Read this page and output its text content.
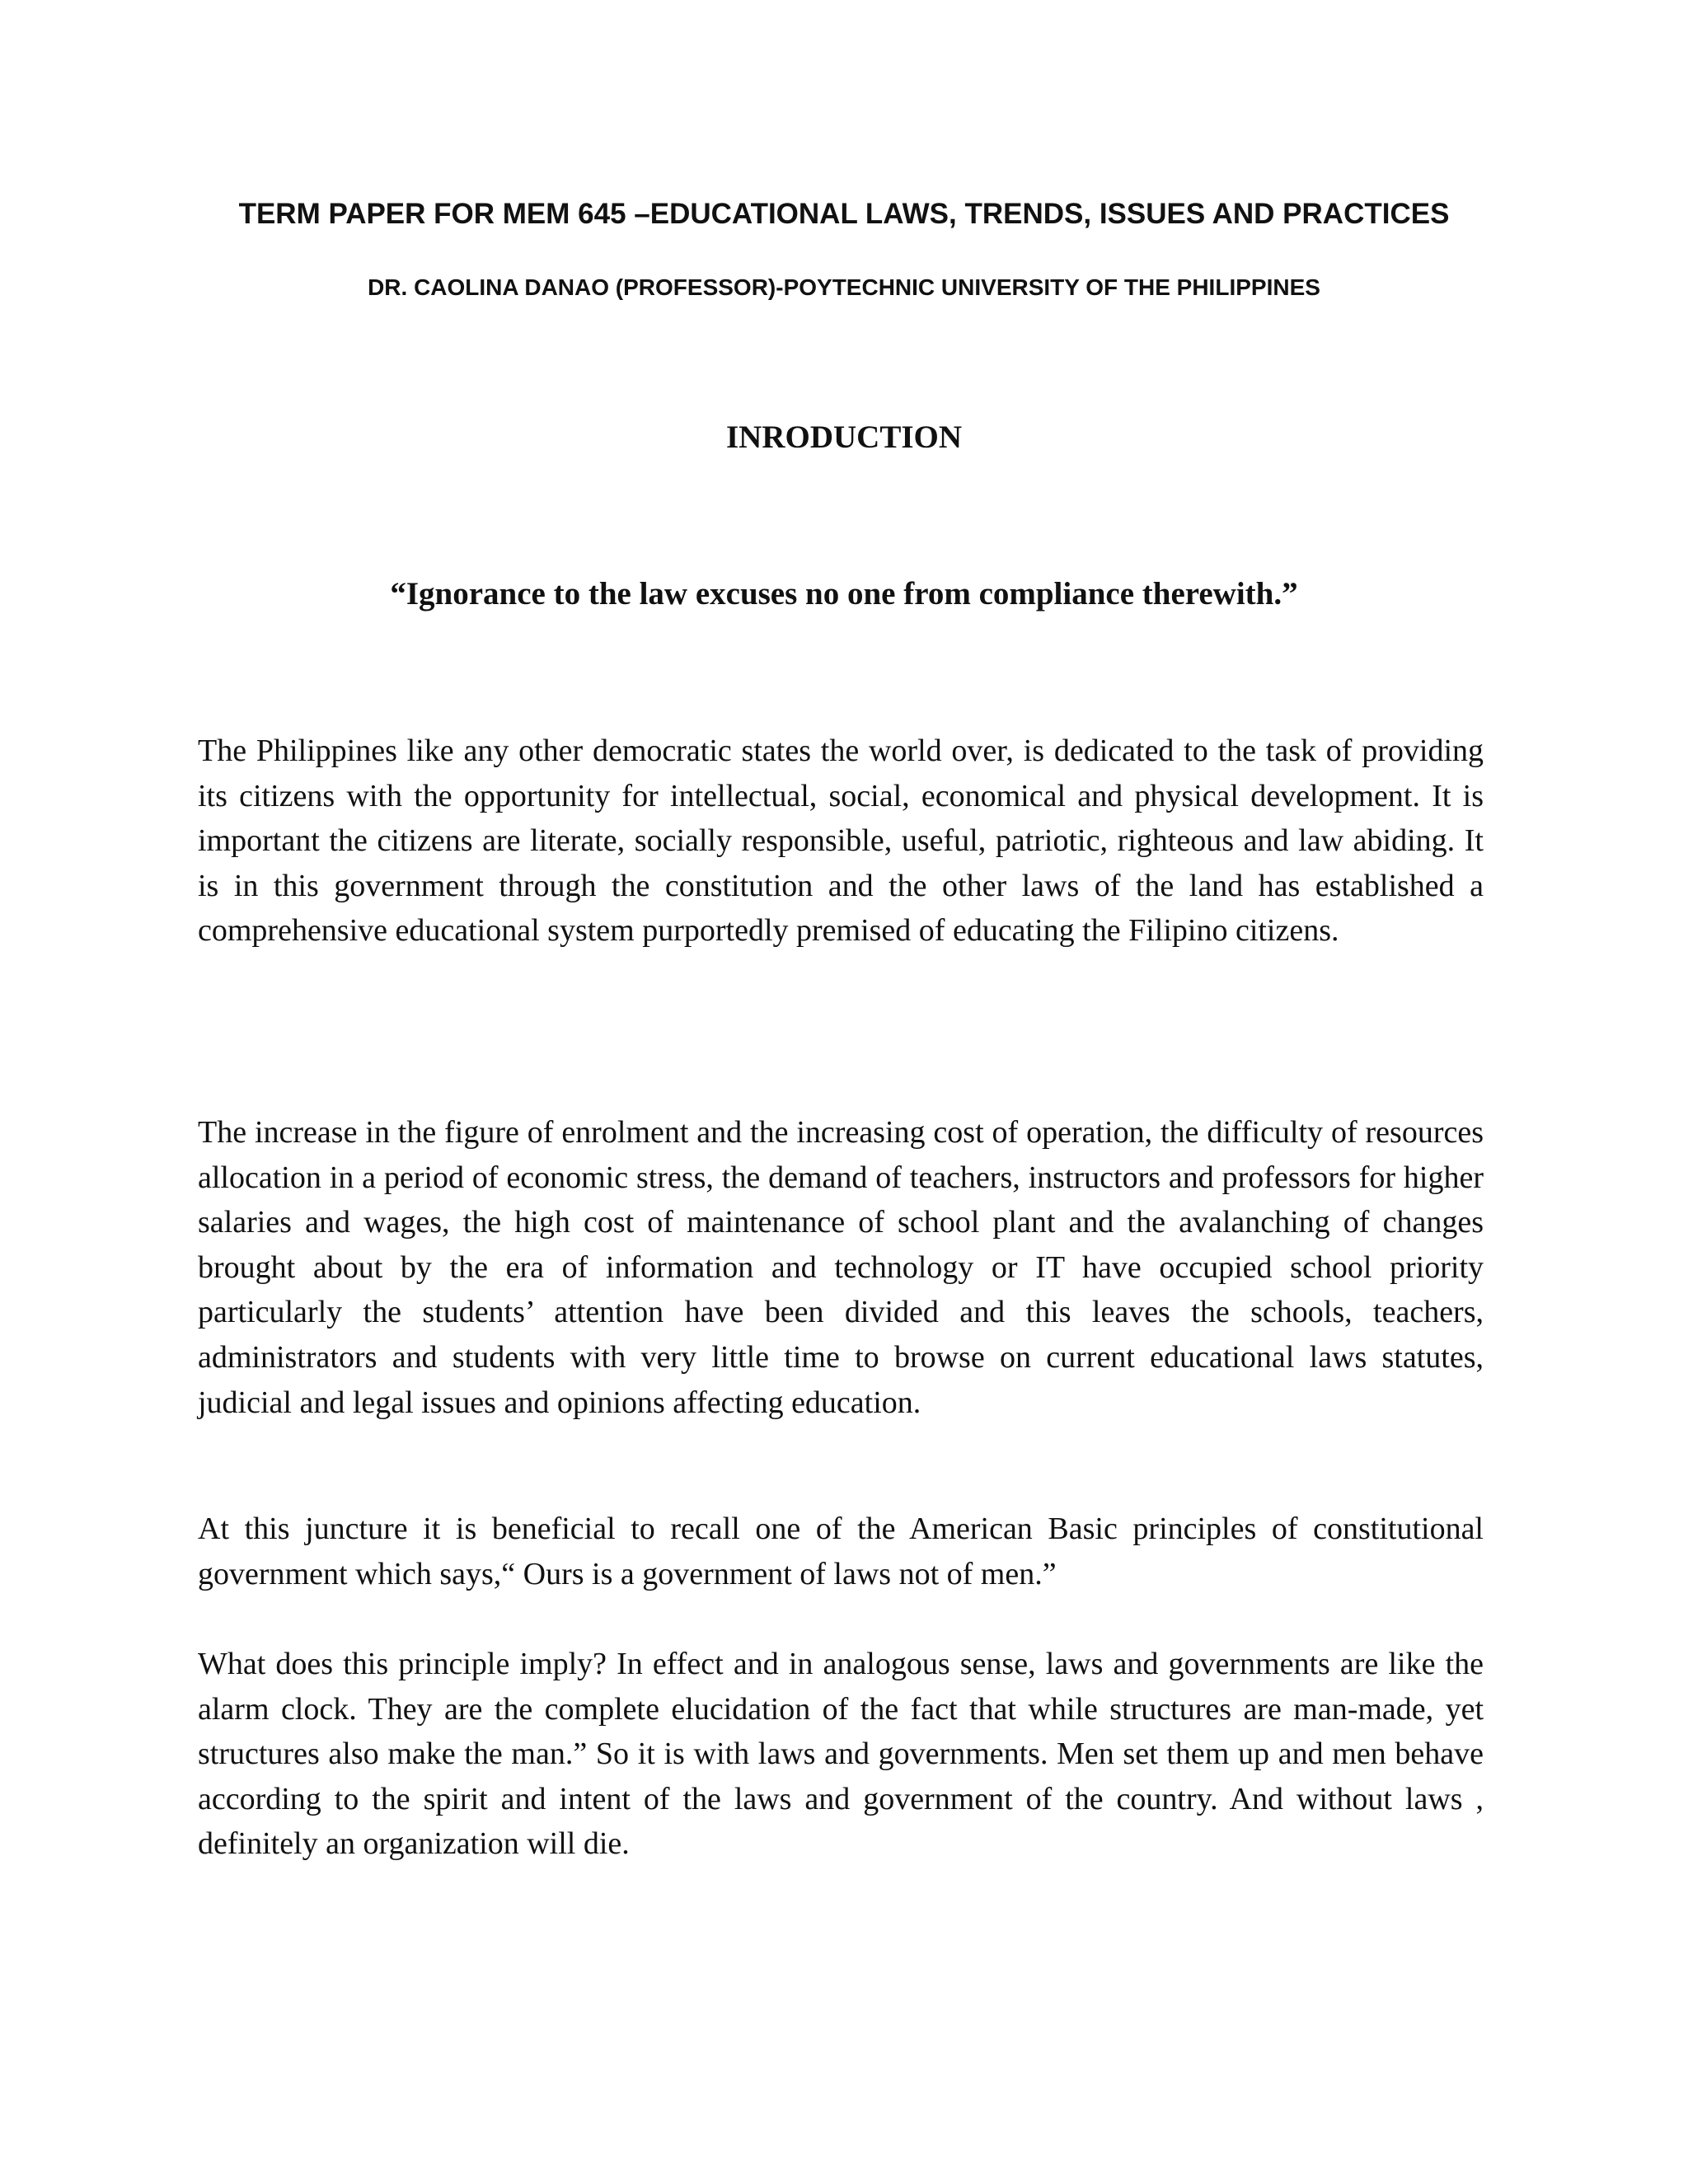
TERM PAPER FOR MEM 645 –EDUCATIONAL LAWS, TRENDS, ISSUES AND PRACTICES
DR. CAOLINA DANAO (PROFESSOR)-POYTECHNIC UNIVERSITY OF THE PHILIPPINES
INRODUCTION
“Ignorance to the law excuses no one from compliance therewith.”

The Philippines like any other democratic states the world over, is dedicated to the task of providing its citizens with the opportunity for intellectual, social, economical and physical development. It is important the citizens are literate, socially responsible, useful, patriotic, righteous and law abiding. It is in this government through the constitution and the other laws of the land has established a comprehensive educational system purportedly premised of educating the Filipino citizens.

The increase in the figure of enrolment and the increasing cost of operation, the difficulty of resources allocation in a period of economic stress, the demand of teachers, instructors and professors for higher salaries and wages, the high cost of maintenance of school plant and the avalanching of changes brought about by the era of information and technology or IT have occupied school priority particularly the students’ attention have been divided and this leaves the schools, teachers, administrators and students with very little time to browse on current educational laws statutes, judicial and legal issues and opinions affecting education.

At this juncture it is beneficial to recall one of the American Basic principles of constitutional government which says,“ Ours is a government of laws not of men.”

What does this principle imply? In effect and in analogous sense, laws and governments are like the alarm clock. They are the complete elucidation of the fact that while structures are man-made, yet structures also make the man.” So it is with laws and governments. Men set them up and men behave according to the spirit and intent of the laws and government of the country. And without laws , definitely an organization will die.
